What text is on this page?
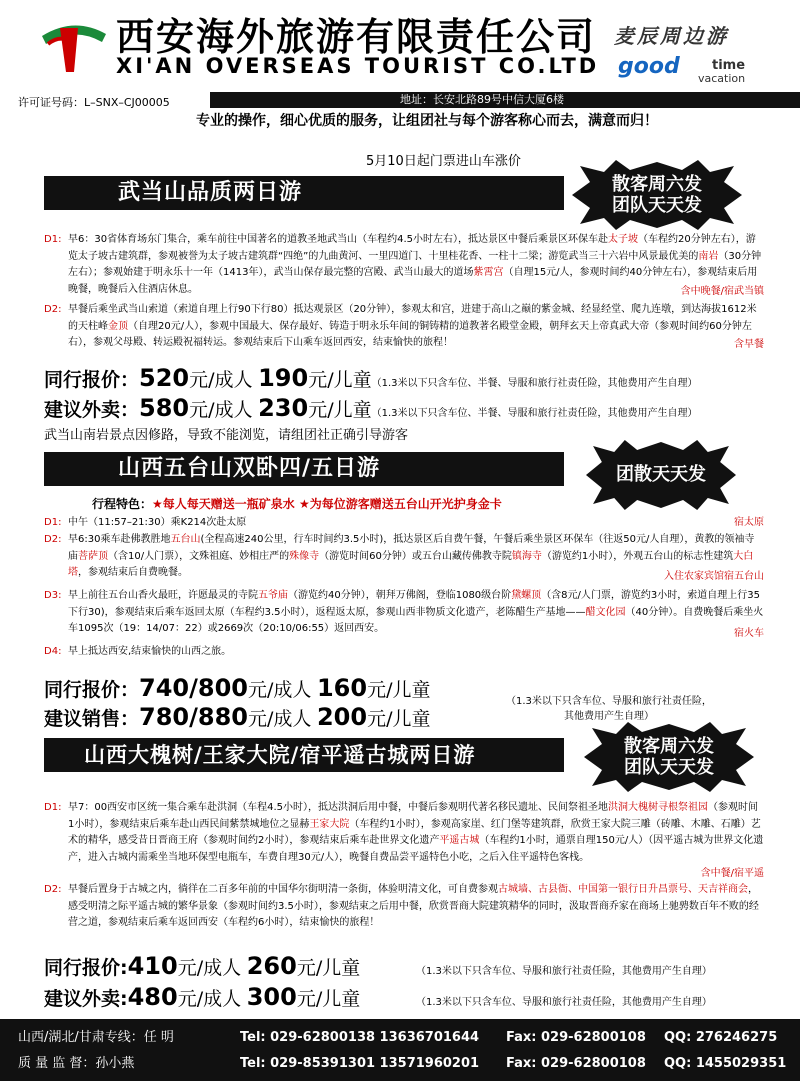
西安海外旅游有限责任公司
XI'AN OVERSEAS TOURIST CO.LTD
麦辰周边游
good time
vacation
许可证号码：L–SNX–CJ00005	地址：长安北路89号中信大厦6楼
专业的操作，细心优质的服务，让组团社与每个游客称心而去，满意而归！
5月10日起门票进山车涨价
武当山品质两日游	散客周六发
团队天天发
D1: 早6：30省体育场东门集合，乘车前往中国著名的道教圣地武当山（车程约4.5小时左右），抵达景区中餐后乘景区环保车赴太子坡（车程约20分钟左右），游览太子坡古建筑群，参观被誉为太子坡古建筑群“四绝”的九曲黄河、一里四道门、十里桂花香、一柱十二梁；游览武当三十六岩中风景最优美的南岩（30分钟左右）；参观始建于明永乐十一年（1413年），武当山保存最完整的宫殿、武当山最大的道场紫霄宫（自理15元/人，参观时间约40分钟左右），参观结束后用晚餐，晚餐后入住酒店休息。	含中晚餐/宿武当镇
D2: 早餐后乘坐武当山索道（索道自理上行90下行80）抵达观景区（20分钟），参观太和宫，进建于高山之巅的紫金城、经显经堂、爬九连墩，到达海拔1612米的天柱峰金顶（自理20元/人），参观中国最大、保存最好、铸造于明永乐年间的铜铸精的道教著名殿堂金殿，朝拜玄天上帝真武大帝（参观时间约60分钟左右），参观父母殿、转运殿祝福转运。参观结束后下山乘车返回西安，结束愉快的旅程！	含早餐
同行报价：520元/成人 190元/儿童（1.3米以下只含车位、半餐、导服和旅行社责任险，其他费用产生自理）
建议外卖：580元/成人 230元/儿童（1.3米以下只含车位、半餐、导服和旅行社责任险，其他费用产生自理）
武当山南岩景点因修路，导致不能浏览，请组团社正确引导游客
山西五台山双卧四/五日游	团散天天发
行程特色：★每人每天赠送一瓶矿泉水 ★为每位游客赠送五台山开光护身金卡
D1: 中午（11:57–21:30）乘K214次赴太原	宿太原
D2: 早6:30乘车赴佛教胜地五台山(全程高速240公里，行车时间约3.5小时)，抵达景区后自费午餐，午餐后乘坐景区环保车（往返50元/人自理），黄教的领袖寺庙菩萨顶（含10/人门票），文殊祖庭、妙相庄严的殊像寺（游览时间60分钟）或五台山藏传佛教寺院镇海寺（游览约1小时），外观五台山的标志性建筑大白塔，参观结束后自费晚餐。	入住农家宾馆宿五台山
D3: 早上前往五台山香火最旺，许愿最灵的寺院五爷庙（游览约40分钟），朝拜万佛阁，登临1080级台阶黛螺顶（含8元/人门票，游览约3小时，索道自理上行35下行30)，参观结束后乘车返回太原（车程约3.5小时），返程返太原，参观山西非物质文化遗产，老陈醋生产基地——醋文化园（40分钟）。自费晚餐后乘坐火车1095次（19：14/07：22）或2669次（20:10/06:55）返回西安。	宿火车
D4: 早上抵达西安,结束愉快的山西之旅。
同行报价：740/800元/成人 160元/儿童
建议销售：780/880元/成人 200元/儿童
（1.3米以下只含车位、导服和旅行社责任险，
其他费用产生自理）
山西大槐树/王家大院/宿平遥古城两日游	散客周六发
团队天天发
D1: 早7：00西安市区统一集合乘车赴洪洞（车程4.5小时），抵达洪洞后用中餐，中餐后参观明代著名移民遗址、民间祭祖圣地洪洞大槐树寻根祭祖园（参观时间1小时），参观结束后乘车赴山西民间紫禁城地位之显赫王家大院（车程约1小时），参观高家崖、红门堡等建筑群，欣赏王家大院三雕（砖雕、木雕、石雕）艺术的精华，感受昔日晋商王府（参观时间约2小时），参观结束后乘车赴世界文化遗产平遥古城（车程约1小时，通票自理150元/人）（因平遥古城为世界文化遗产，进入古城内需乘坐当地环保型电瓶车，车费自理30元/人），晚餐自费品尝平遥特色小吃，之后入住平遥特色客栈。
含中餐/宿平遥
D2: 早餐后置身于古城之内，徜徉在二百多年前的中国华尔街明清一条街，体验明清文化，可自费参观古城墙、古县衙、中国第一银行日升昌票号、天吉祥商会，感受明清之际平遥古城的繁华景象（参观时间约3.5小时），参观结束之后用中餐，欣赏晋商大院建筑精华的同时，汲取晋商乔家在商场上驰骋数百年不败的经营之道，参观结束后乘车返回西安（车程约6小时），结束愉快的旅程！
同行报价:410元/成人 260元/儿童	（1.3米以下只含车位、导服和旅行社责任险，其他费用产生自理）
建议外卖:480元/成人 300元/儿童	（1.3米以下只含车位、导服和旅行社责任险，其他费用产生自理）
山西/湖北/甘肃专线：任 明	Tel: 029-62800138 13636701644 Fax: 029-62800108 QQ: 276246275
质 量 监 督：孙小燕	Tel: 029-85391301 13571960201 Fax: 029-62800108 QQ: 1455029351
